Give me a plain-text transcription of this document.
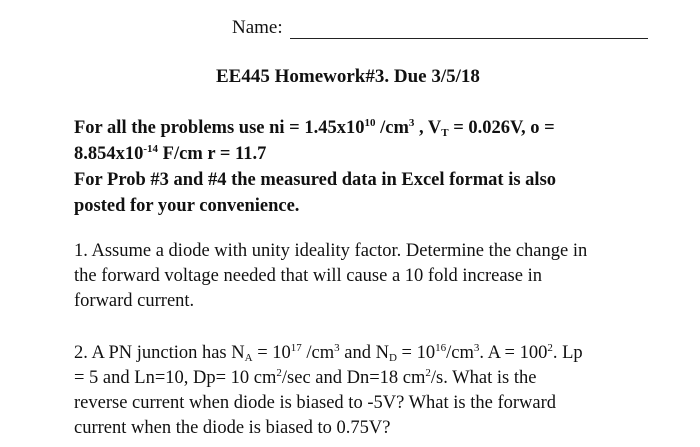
Name:
EE445 Homework#3. Due 3/5/18
For all the problems use ni = $1.45x10^{10}$ $/cm^3$ , $V_T = 0.026V$, o =
$8.854x10^{-14}$ F/cm r = 11.7
For Prob #3 and #4 the measured data in Excel format is also
posted for your convenience.
1. Assume a diode with unity ideality factor. Determine the change in
the forward voltage needed that will cause a 10 fold increase in
forward current.
2. A PN junction has $N_A = 10^{17}$ $/cm^3$ and $N_D = 10^{16}/cm^3$. $A = 100^2$. Lp
= 5 and Ln=10, Dp= 10 $cm^2/\sec$ and Dn=18 $cm^2/s$. What is the
reverse current when diode is biased to -5V? What is the forward
current when the diode is biased to 0.75V?
